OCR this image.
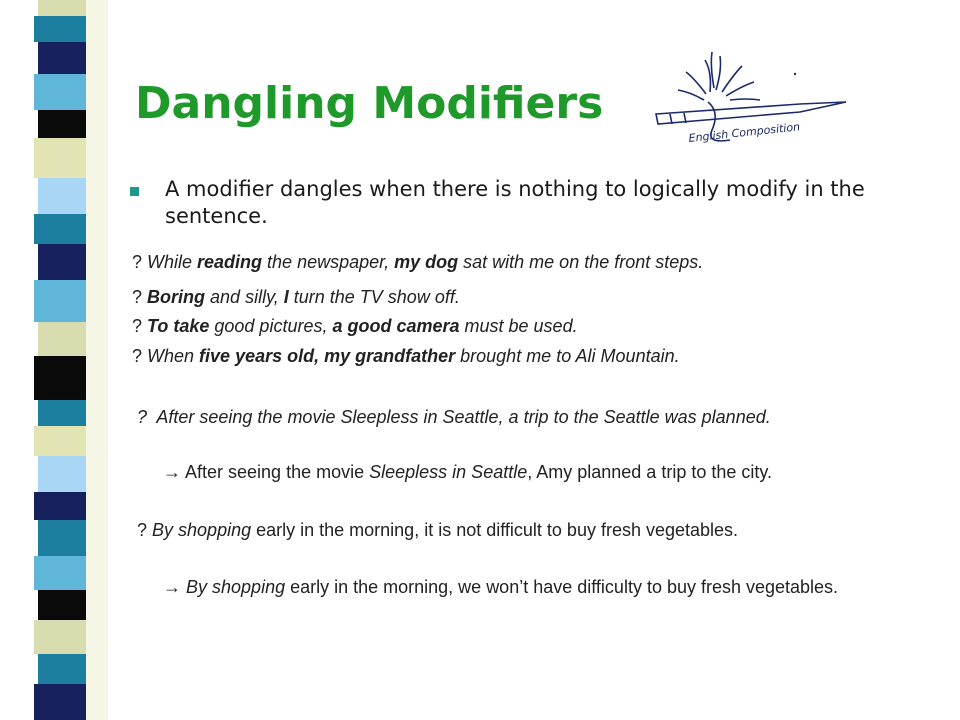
Dangling Modifiers
English Composition
A modifier dangles when there is nothing to logically modify in the sentence.
? While reading the newspaper, my dog sat with me on the front steps.
? Boring and silly, I turn the TV show off.
? To take good pictures, a good camera must be used.
? When five years old, my grandfather brought me to Ali Mountain.
? After seeing the movie Sleepless in Seattle, a trip to the Seattle was planned.
→ After seeing the movie Sleepless in Seattle, Amy planned a trip to the city.
? By shopping early in the morning, it is not difficult to buy fresh vegetables.
→ By shopping early in the morning, we won’t have difficulty to buy fresh vegetables.
